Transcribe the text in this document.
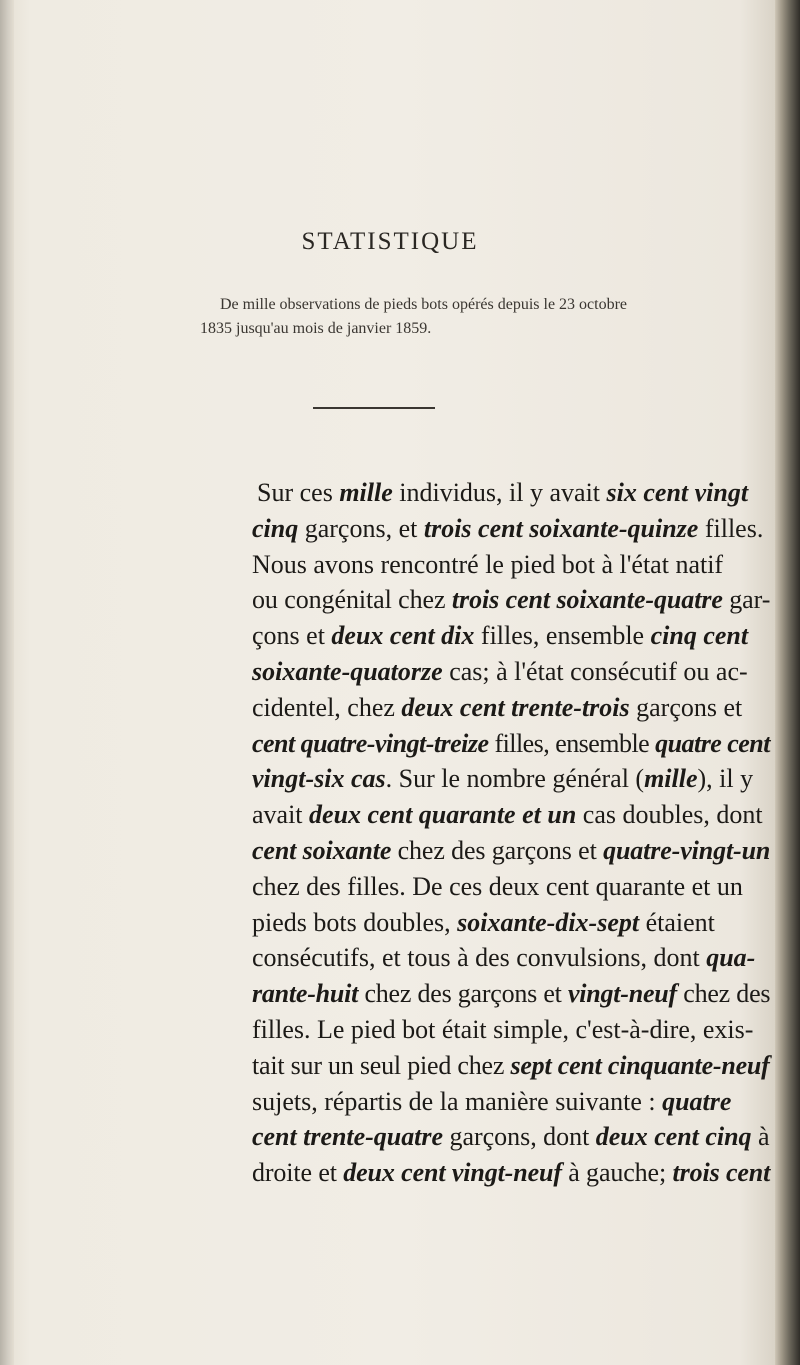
STATISTIQUE

De mille observations de pieds bots opérés depuis le 23 octobre 1835 jusqu'au mois de janvier 1859.

Sur ces mille individus, il y avait six cent vingt
cinq garçons, et trois cent soixante-quinze filles.
Nous avons rencontré le pied bot à l'état natif
ou congénital chez trois cent soixante-quatre gar-
çons et deux cent dix filles, ensemble cinq cent
soixante-quatorze cas; à l'état consécutif ou ac-
cidentel, chez deux cent trente-trois garçons et
cent quatre-vingt-treize filles, ensemble quatre cent
vingt-six cas. Sur le nombre général (mille), il y
avait deux cent quarante et un cas doubles, dont
cent soixante chez des garçons et quatre-vingt-un
chez des filles. De ces deux cent quarante et un
pieds bots doubles, soixante-dix-sept étaient
consécutifs, et tous à des convulsions, dont qua-
rante-huit chez des garçons et vingt-neuf chez des
filles. Le pied bot était simple, c'est-à-dire, exis-
tait sur un seul pied chez sept cent cinquante-neuf
sujets, répartis de la manière suivante : quatre
cent trente-quatre garçons, dont deux cent cinq à
droite et deux cent vingt-neuf à gauche; trois cent
